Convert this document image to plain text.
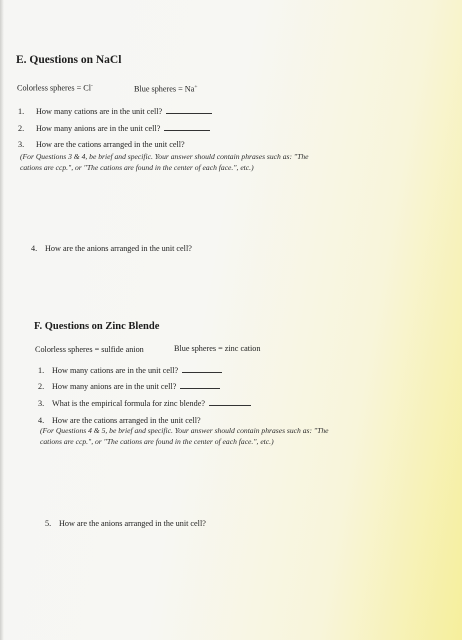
E. Questions on NaCl
Colorless spheres = Cl-	Blue spheres = Na+
1. How many cations are in the unit cell?
2. How many anions are in the unit cell?
3. How are the cations arranged in the unit cell?
(For Questions 3 & 4, be brief and specific. Your answer should contain phrases such as: "The
cations are ccp.", or "The cations are found in the center of each face.", etc.)
4. How are the anions arranged in the unit cell?
F. Questions on Zinc Blende
Colorless spheres = sulfide anion	Blue spheres = zinc cation
1. How many cations are in the unit cell?
2. How many anions are in the unit cell?
3. What is the empirical formula for zinc blende?
4. How are the cations arranged in the unit cell?
(For Questions 4 & 5, be brief and specific. Your answer should contain phrases such as: "The
cations are ccp.", or "The cations are found in the center of each face.", etc.)
5. How are the anions arranged in the unit cell?
